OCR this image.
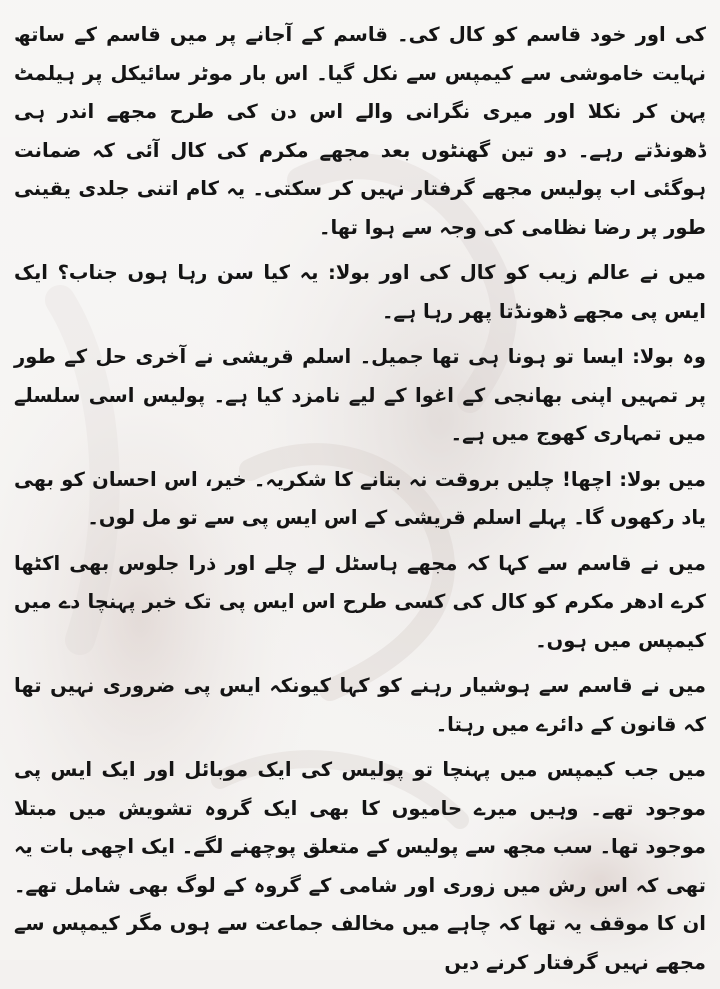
کی اور خود قاسم کو کال کی۔ قاسم کے آجانے پر میں قاسم کے ساتھ نہایت خاموشی سے کیمپس سے نکل گیا۔ اس بار موٹر سائیکل پر ہیلمٹ پہن کر نکلا اور میری نگرانی والے اس دن کی طرح مجھے اندر ہی ڈھونڈتے رہے۔ دو تین گھنٹوں بعد مجھے مکرم کی کال آئی کہ ضمانت ہوگئی اب پولیس مجھے گرفتار نہیں کر سکتی۔ یہ کام اتنی جلدی یقینی طور پر رضا نظامی کی وجہ سے ہوا تھا۔

میں نے عالم زیب کو کال کی اور بولا: یہ کیا سن رہا ہوں جناب؟ ایک ایس پی مجھے ڈھونڈتا پھر رہا ہے۔

وہ بولا: ایسا تو ہونا ہی تھا جمیل۔ اسلم قریشی نے آخری حل کے طور پر تمہیں اپنی بھانجی کے اغوا کے لیے نامزد کیا ہے۔ پولیس اسی سلسلے میں تمہاری کھوج میں ہے۔

میں بولا: اچھا! چلیں بروقت نہ بتانے کا شکریہ۔ خیر، اس احسان کو بھی یاد رکھوں گا۔ پہلے اسلم قریشی کے اس ایس پی سے تو مل لوں۔

میں نے قاسم سے کہا کہ مجھے ہاسٹل لے چلے اور ذرا جلوس بھی اکٹھا کرے ادھر مکرم کو کال کی کسی طرح اس ایس پی تک خبر پہنچا دے میں کیمپس میں ہوں۔

میں نے قاسم سے ہوشیار رہنے کو کہا کیونکہ ایس پی ضروری نہیں تھا کہ قانون کے دائرے میں رہتا۔

میں جب کیمپس میں پہنچا تو پولیس کی ایک موبائل اور ایک ایس پی موجود تھے۔ وہیں میرے حامیوں کا بھی ایک گروہ تشویش میں مبتلا موجود تھا۔ سب مجھ سے پولیس کے متعلق پوچھنے لگے۔ ایک اچھی بات یہ تھی کہ اس رش میں زوری اور شامی کے گروہ کے لوگ بھی شامل تھے۔ ان کا موقف یہ تھا کہ چاہے میں مخالف جماعت سے ہوں مگر کیمپس سے مجھے نہیں گرفتار کرنے دیں
